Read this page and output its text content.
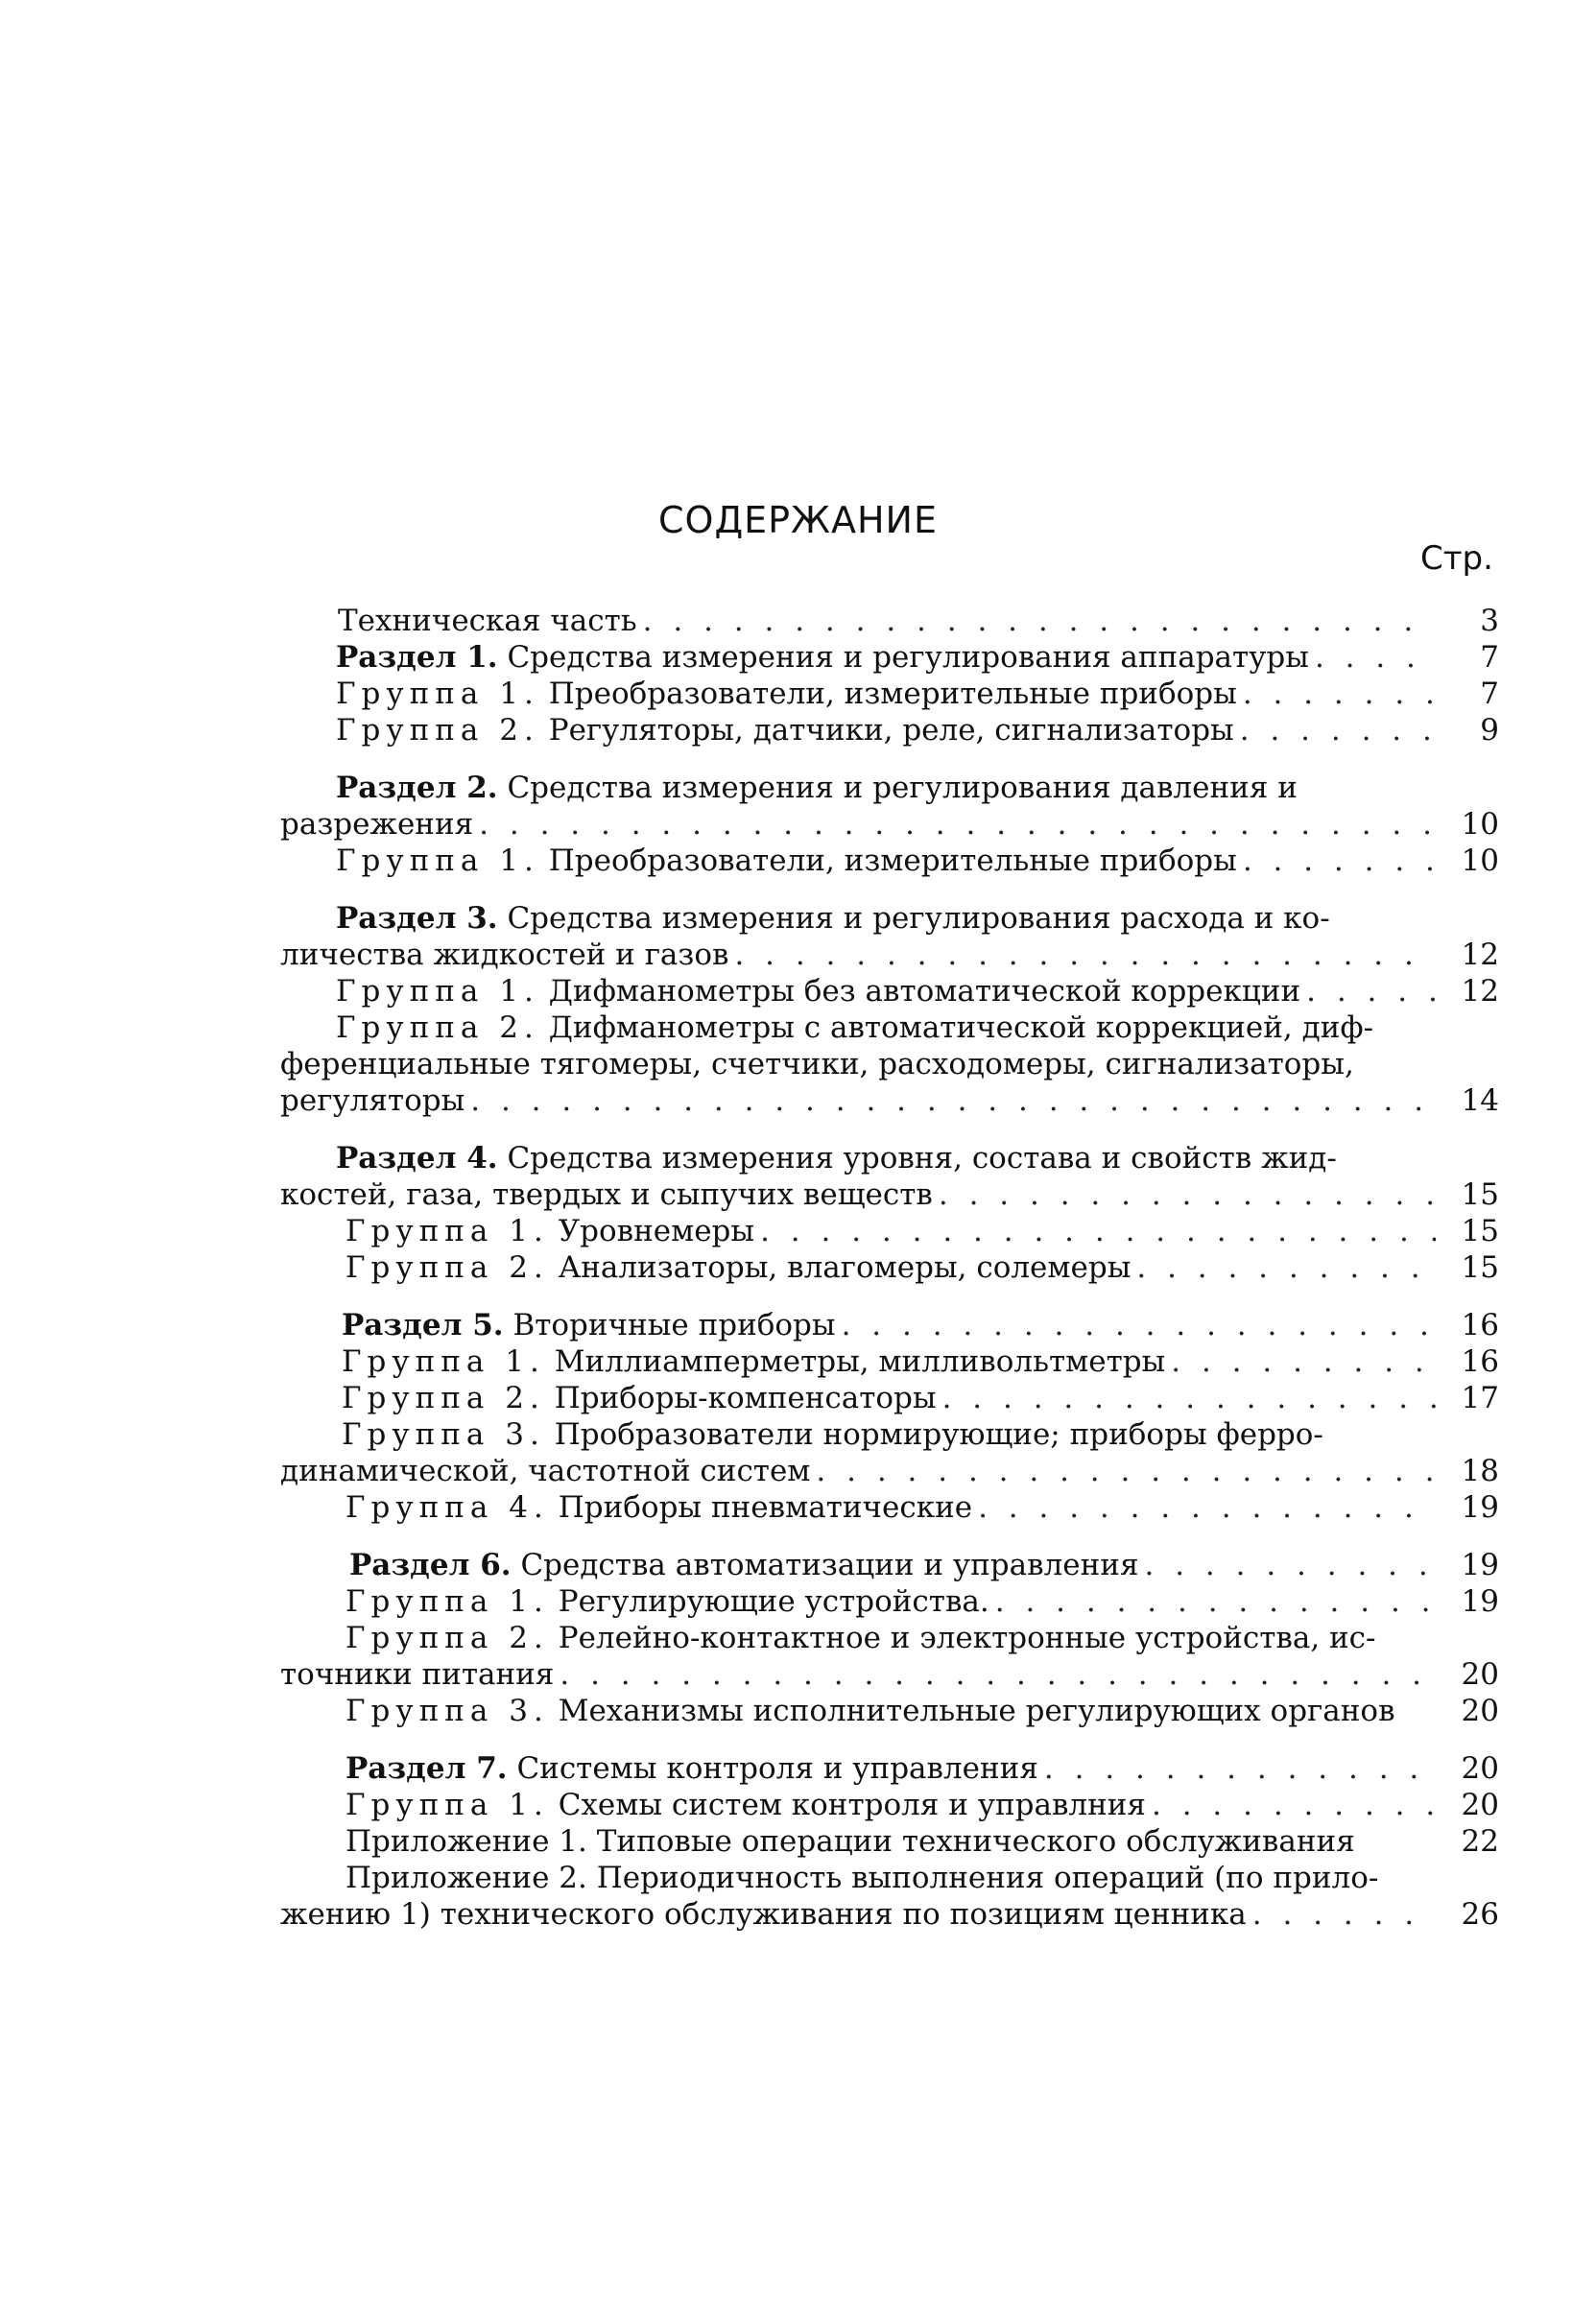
СОДЕРЖАНИЕ
Стр.
Техническая часть . . .	3
Раздел 1. Средства измерения и регулирования аппаратуры . . .	7
Группа 1. Преобразователи, измерительные приборы . . .	7
Группа 2. Регуляторы, датчики, реле, сигнализаторы . . .	9
Раздел 2. Средства измерения и регулирования давления и
разрежения . . .	10
Группа 1. Преобразователи, измерительные приборы . . .	10
Раздел 3. Средства измерения и регулирования расхода и ко-
личества жидкостей и газов . . .	12
Группа 1. Дифманометры без автоматической коррекции . . .	12
Группа 2. Дифманометры с автоматической коррекцией, диф-
ференциальные тягомеры, счетчики, расходомеры, сигнализаторы,
регуляторы . . .	14
Раздел 4. Средства измерения уровня, состава и свойств жид-
костей, газа, твердых и сыпучих веществ . . .	15
Группа 1. Уровнемеры . . .	15
Группа 2. Анализаторы, влагомеры, солемеры . . .	15
Раздел 5. Вторичные приборы . . .	16
Группа 1. Миллиамперметры, милливольтметры . . .	16
Группа 2. Приборы-компенсаторы . . .	17
Группа 3. Пробразователи нормирующие; приборы ферро-
динамической, частотной систем . . .	18
Группа 4. Приборы пневматические . . .	19
Раздел 6. Средства автоматизации и управления . . .	19
Группа 1. Регулирующие устройства. . . .	19
Группа 2. Релейно-контактное и электронные устройства, ис-
точники питания . . .	20
Группа 3. Механизмы исполнительные регулирующих органов	20
Раздел 7. Системы контроля и управления . . .	20
Группа 1. Схемы систем контроля и управлния . . .	20
Приложение 1. Типовые операции технического обслуживания	22
Приложение 2. Периодичность выполнения операций (по прило-
жению 1) технического обслуживания по позициям ценника . . .	26
